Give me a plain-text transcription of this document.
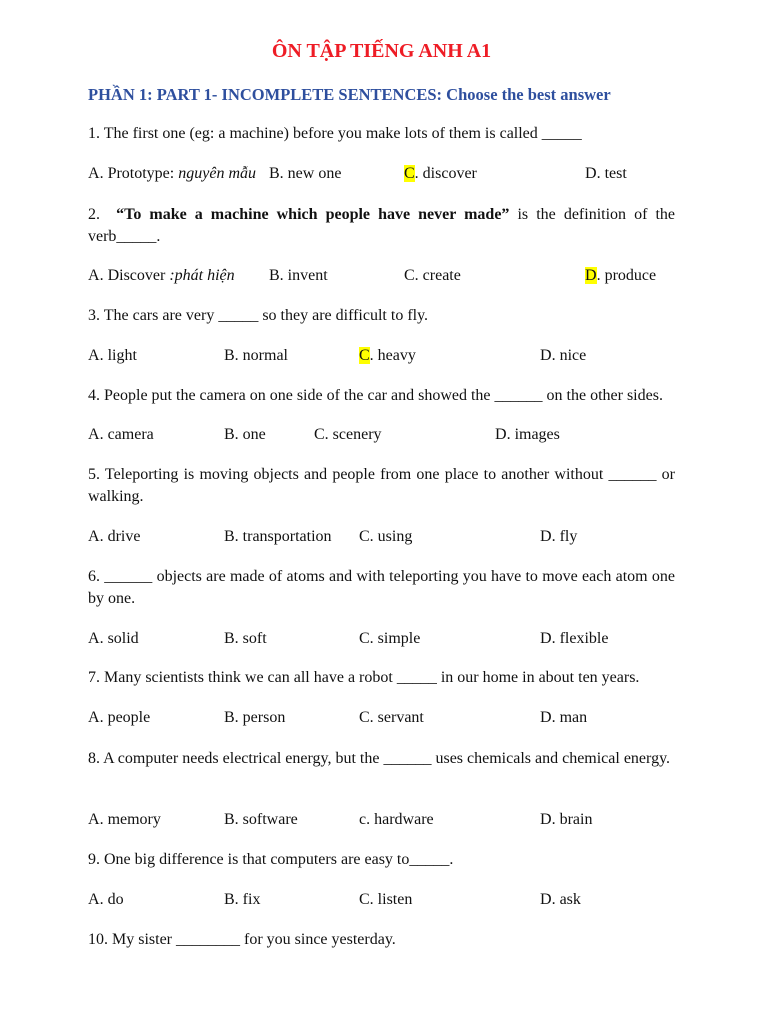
ÔN TẬP TIẾNG ANH A1
PHẦN 1: PART 1- INCOMPLETE SENTENCES: Choose the best answer
1. The first one (eg: a machine) before you make lots of them is called _____
A. Prototype: nguyên mẫu B. new one	C. discover	D. test
2. “To make a machine which people have never made” is the definition of the verb_____.
A. Discover :phát hiện B. invent	C. create	D. produce
3. The cars are very _____ so they are difficult to fly.
A. light	B. normal	C. heavy	D. nice
4. People put the camera on one side of the car and showed the ______ on the other sides.
A. camera	B. one	C. scenery	D. images
5. Teleporting is moving objects and people from one place to another without ______ or walking.
A. drive	B. transportation C. using	D. fly
6. ______ objects are made of atoms and with teleporting you have to move each atom one by one.
A. solid	B. soft	C. simple	D. flexible
7. Many scientists think we can all have a robot _____ in our home in about ten years.
A. people	B. person	C. servant	D. man
8. A computer needs electrical energy, but the ______ uses chemicals and chemical energy.
A. memory	B. software	c. hardware	D. brain
9. One big difference is that computers are easy to_____.
A. do	B. fix	C. listen	D. ask
10. My sister ________ for you since yesterday.
